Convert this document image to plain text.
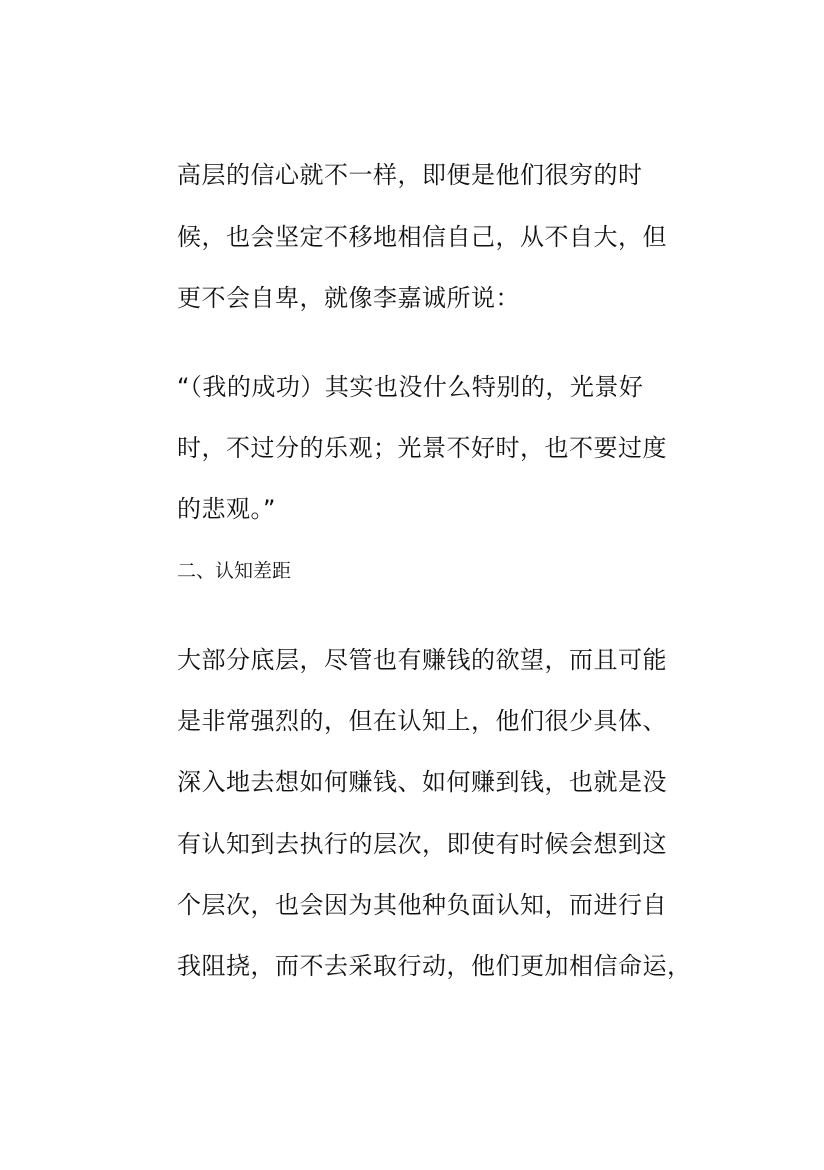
高层的信心就不一样，即便是他们很穷的时
候，也会坚定不移地相信自己，从不自大，但
更不会自卑，就像李嘉诚所说：
“（我的成功）其实也没什么特别的，光景好
时，不过分的乐观；光景不好时，也不要过度
的悲观。”
二、认知差距
大部分底层，尽管也有赚钱的欲望，而且可能
是非常强烈的，但在认知上，他们很少具体、
深入地去想如何赚钱、如何赚到钱，也就是没
有认知到去执行的层次，即使有时候会想到这
个层次，也会因为其他种负面认知，而进行自
我阻挠，而不去采取行动，他们更加相信命运，
